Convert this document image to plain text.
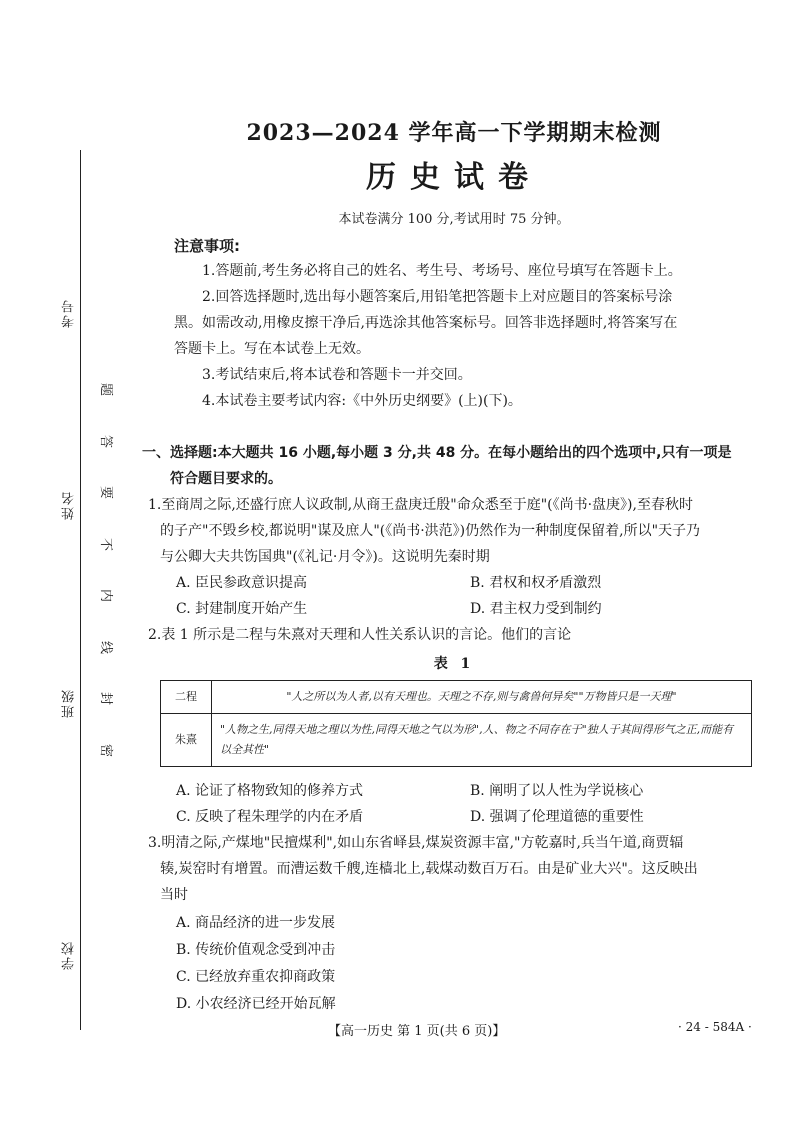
考号
姓名
班级
学校
题
答
要
不
内
线
封
密
2023—2024 学年高一下学期期末检测
历史试卷
本试卷满分 100 分,考试用时 75 分钟。
注意事项:
1.答题前,考生务必将自己的姓名、考生号、考场号、座位号填写在答题卡上。
2.回答选择题时,选出每小题答案后,用铅笔把答题卡上对应题目的答案标号涂
黑。如需改动,用橡皮擦干净后,再选涂其他答案标号。回答非选择题时,将答案写在
答题卡上。写在本试卷上无效。
3.考试结束后,将本试卷和答题卡一并交回。
4.本试卷主要考试内容:《中外历史纲要》(上)(下)。
一、选择题:本大题共 16 小题,每小题 3 分,共 48 分。在每小题给出的四个选项中,只有一项是
符合题目要求的。
1.至商周之际,还盛行庶人议政制,从商王盘庚迁殷"命众悉至于庭"(《尚书·盘庚》),至春秋时
的子产"不毁乡校,都说明"谋及庶人"(《尚书·洪范》)仍然作为一种制度保留着,所以"天子乃
与公卿大夫共饬国典"(《礼记·月令》)。这说明先秦时期
A. 臣民参政意识提高	B. 君权和权矛盾激烈
C. 封建制度开始产生	D. 君主权力受到制约
2.表 1 所示是二程与朱熹对天理和人性关系认识的言论。他们的言论
表 1
二程	"人之所以为人者,以有天理也。天理之不存,则与禽兽何异矣""万物皆只是一天理"
朱熹	"人物之生,同得天地之理以为性,同得天地之气以为形",人、物之不同存在于"独人于其间得形气之正,而能有以全其性"
A. 论证了格物致知的修养方式	B. 阐明了以人性为学说核心
C. 反映了程朱理学的内在矛盾	D. 强调了伦理道德的重要性
3.明清之际,产煤地"民擅煤利",如山东省峄县,煤炭资源丰富,"方乾嘉时,兵当午道,商贾辐
辏,炭窑时有增置。而漕运数千艘,连樯北上,载煤动数百万石。由是矿业大兴"。这反映出
当时
A. 商品经济的进一步发展
B. 传统价值观念受到冲击
C. 已经放弃重农抑商政策
D. 小农经济已经开始瓦解
【高一历史 第 1 页(共 6 页)】	· 24 - 584A ·
